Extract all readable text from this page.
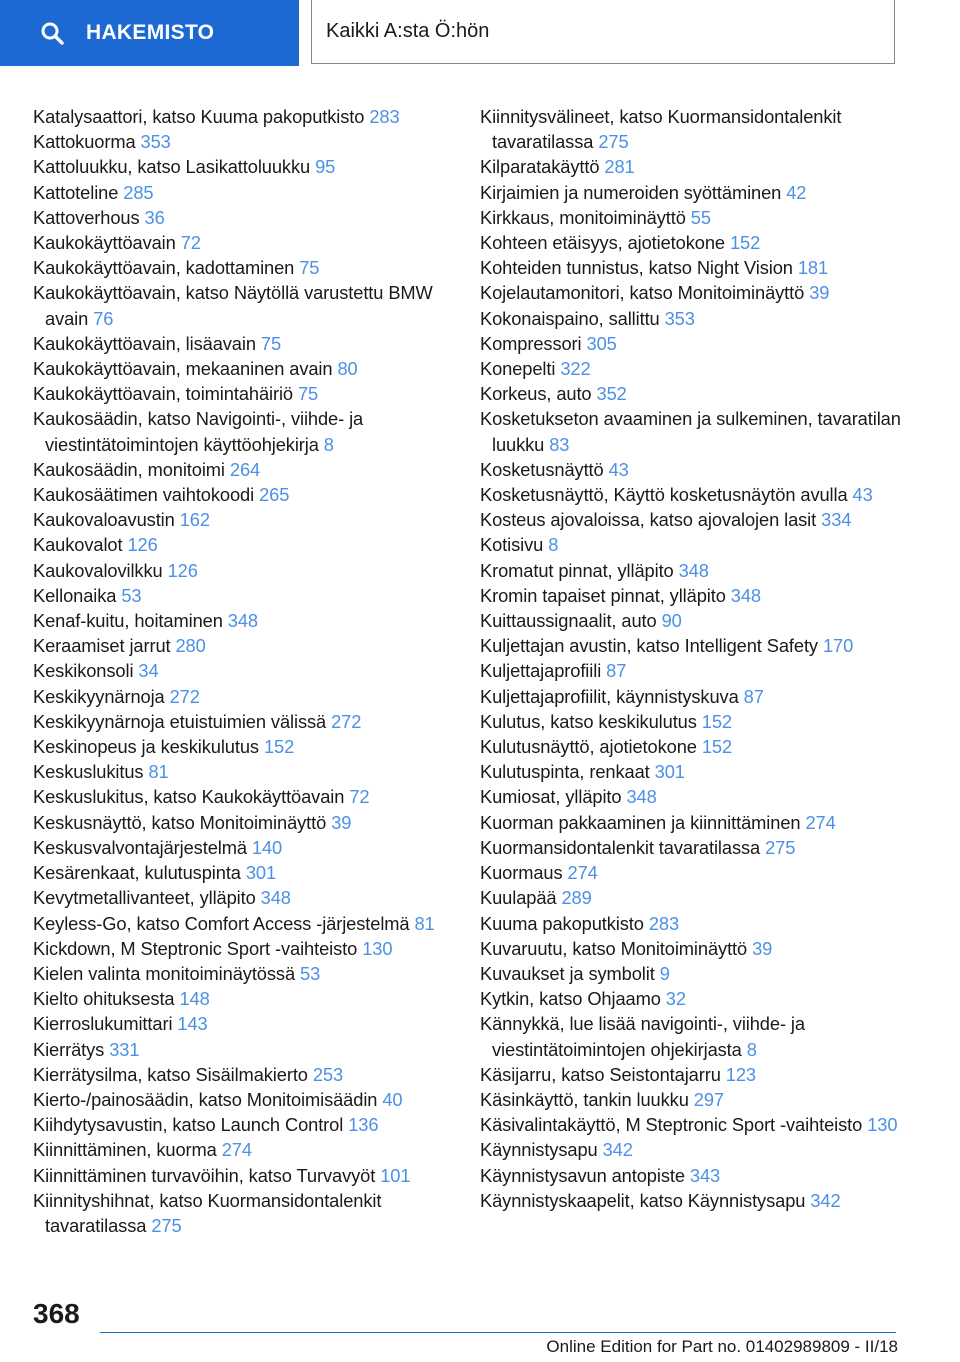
HAKEMISTO	Kaikki A:sta Ö:hön
Katalysaattori, katso Kuuma pakoputkisto 283
Kattokuorma 353
Kattoluukku, katso Lasikattoluukku 95
Kattoteline 285
Kattoverhous 36
Kaukokäyttöavain 72
Kaukokäyttöavain, kadottaminen 75
Kaukokäyttöavain, katso Näytöllä varustettu BMW avain 76
Kaukokäyttöavain, lisäavain 75
Kaukokäyttöavain, mekaaninen avain 80
Kaukokäyttöavain, toimintahäiriö 75
Kaukosäädin, katso Navigointi-, viihde- ja viestintätoimintojen käyttöohjekirja 8
Kaukosäädin, monitoimi 264
Kaukosäätimen vaihtokoodi 265
Kaukovaloavustin 162
Kaukovalot 126
Kaukovalovilkku 126
Kellonaika 53
Kenaf-kuitu, hoitaminen 348
Keraamiset jarrut 280
Keskikonsoli 34
Keskikyynärnoja 272
Keskikyynärnoja etuistuimien välissä 272
Keskinopeus ja keskikulutus 152
Keskuslukitus 81
Keskuslukitus, katso Kaukokäyttöavain 72
Keskusnäyttö, katso Monitoiminäyttö 39
Keskusvalvontajärjestelmä 140
Kesärenkaat, kulutuspinta 301
Kevytmetallivanteet, ylläpito 348
Keyless-Go, katso Comfort Access -järjestelmä 81
Kickdown, M Steptronic Sport -vaihteisto 130
Kielen valinta monitoiminäytössä 53
Kielto ohituksesta 148
Kierroslukumittari 143
Kierrätys 331
Kierrätysilma, katso Sisäilmakierto 253
Kierto-/painosäädin, katso Monitoimisäädin 40
Kiihdytysavustin, katso Launch Control 136
Kiinnittäminen, kuorma 274
Kiinnittäminen turvavöihin, katso Turvavyöt 101
Kiinnityshihnat, katso Kuormansidontalenkit tavaratilassa 275
Kiinnitysvälineet, katso Kuormansidontalenkit tavaratilassa 275
Kilparatakäyttö 281
Kirjaimien ja numeroiden syöttäminen 42
Kirkkaus, monitoiminäyttö 55
Kohteen etäisyys, ajotietokone 152
Kohteiden tunnistus, katso Night Vision 181
Kojelautamonitori, katso Monitoiminäyttö 39
Kokonaispaino, sallittu 353
Kompressori 305
Konepelti 322
Korkeus, auto 352
Kosketukseton avaaminen ja sulkeminen, tavaratilan luukku 83
Kosketusnäyttö 43
Kosketusnäyttö, Käyttö kosketusnäytön avulla 43
Kosteus ajovaloissa, katso ajovalojen lasit 334
Kotisivu 8
Kromatut pinnat, ylläpito 348
Kromin tapaiset pinnat, ylläpito 348
Kuittaussignaalit, auto 90
Kuljettajan avustin, katso Intelligent Safety 170
Kuljettajaprofiili 87
Kuljettajaprofiilit, käynnistyskuva 87
Kulutus, katso keskikulutus 152
Kulutusnäyttö, ajotietokone 152
Kulutuspinta, renkaat 301
Kumiosat, ylläpito 348
Kuorman pakkaaminen ja kiinnittäminen 274
Kuormansidontalenkit tavaratilassa 275
Kuormaus 274
Kuulapää 289
Kuuma pakoputkisto 283
Kuvaruutu, katso Monitoiminäyttö 39
Kuvaukset ja symbolit 9
Kytkin, katso Ohjaamo 32
Kännykkä, lue lisää navigointi-, viihde- ja viestintätoimintojen ohjekirjasta 8
Käsijarru, katso Seistontajarru 123
Käsinkäyttö, tankin luukku 297
Käsivalintakäyttö, M Steptronic Sport -vaihteisto 130
Käynnistysapu 342
Käynnistysavun antopiste 343
Käynnistyskaapelit, katso Käynnistysapu 342
368
Online Edition for Part no. 01402989809 - II/18
